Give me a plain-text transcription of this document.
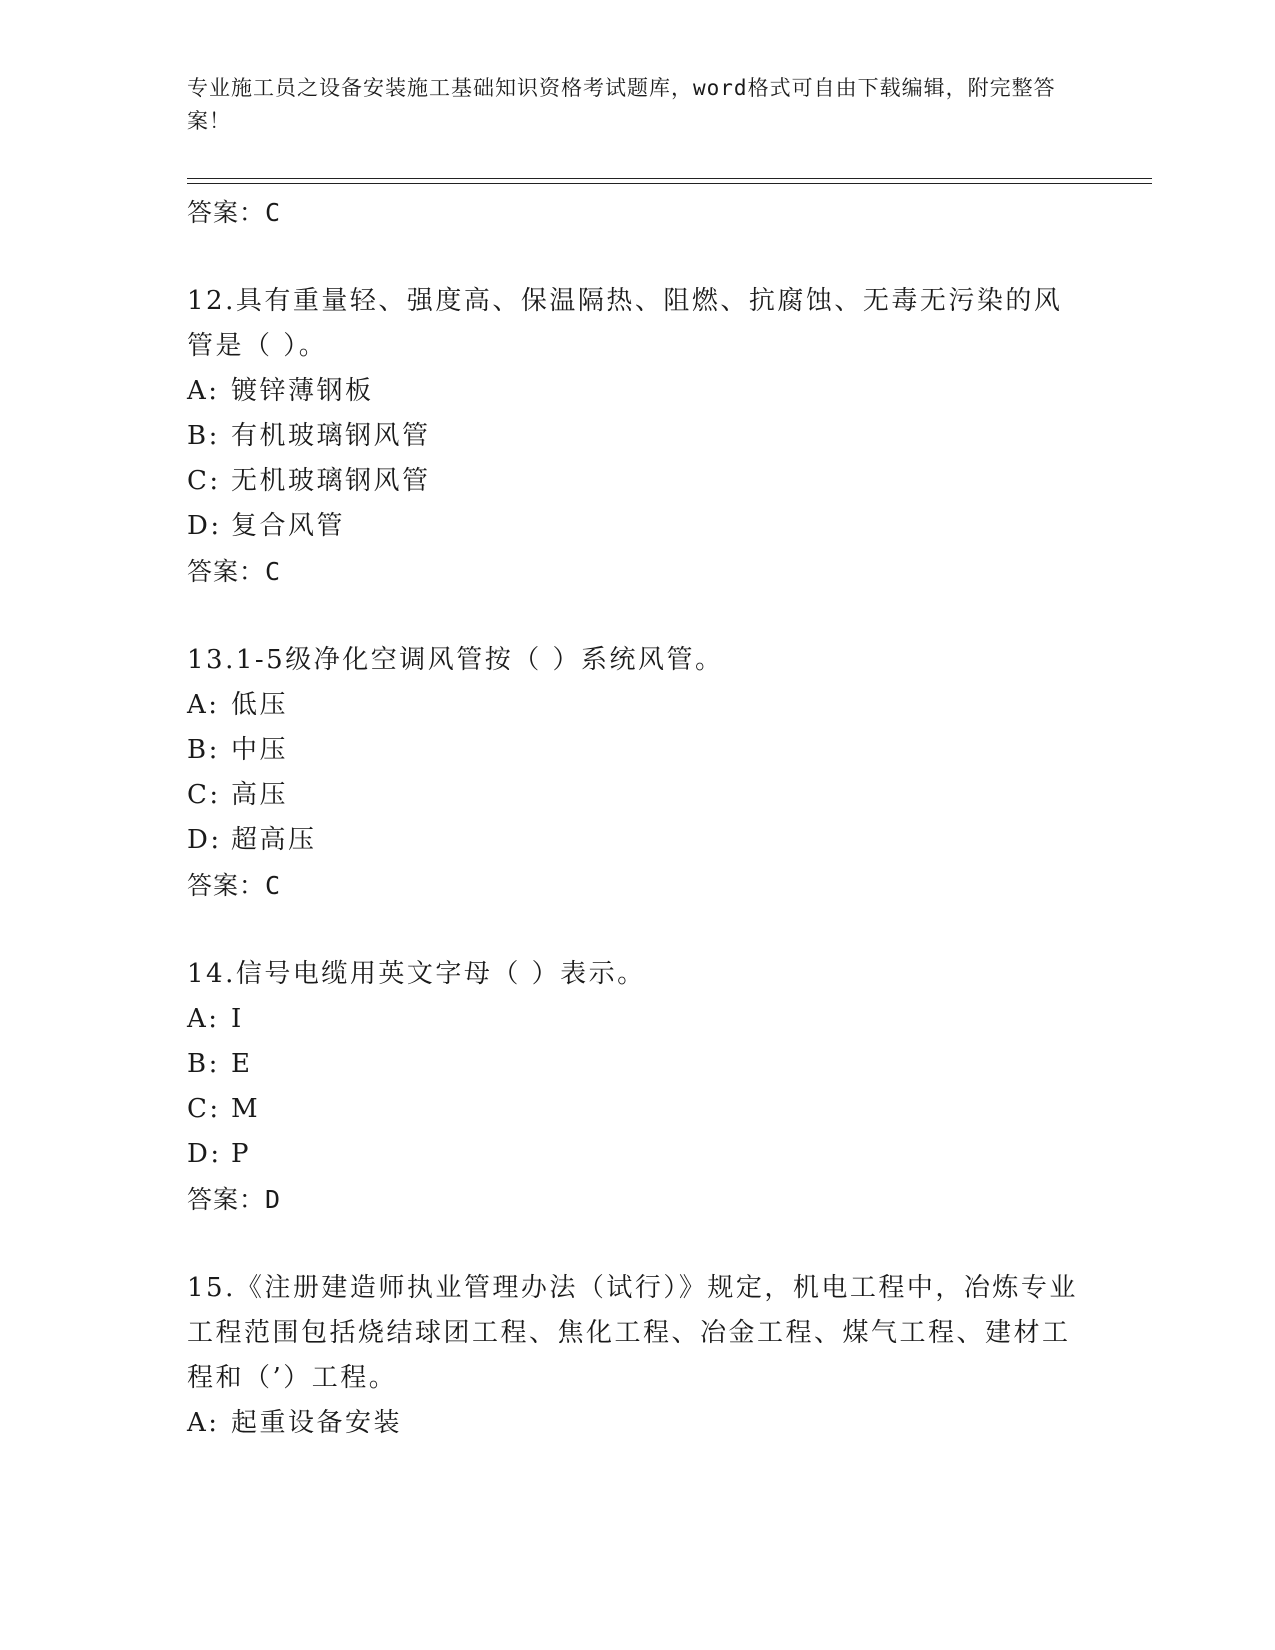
专业施工员之设备安装施工基础知识资格考试题库，word格式可自由下载编辑，附完整答案！
答案：C
12.具有重量轻、强度高、保温隔热、阻燃、抗腐蚀、无毒无污染的风管是（ ）。
A: 镀锌薄钢板
B: 有机玻璃钢风管
C: 无机玻璃钢风管
D: 复合风管
答案：C
13.1-5级净化空调风管按（ ）系统风管。
A: 低压
B: 中压
C: 高压
D: 超高压
答案：C
14.信号电缆用英文字母（ ）表示。
A: I
B: E
C: M
D: P
答案：D
15.《注册建造师执业管理办法（试行）》规定，机电工程中，冶炼专业工程范围包括烧结球团工程、焦化工程、冶金工程、煤气工程、建材工程和（’）工程。
A: 起重设备安装
